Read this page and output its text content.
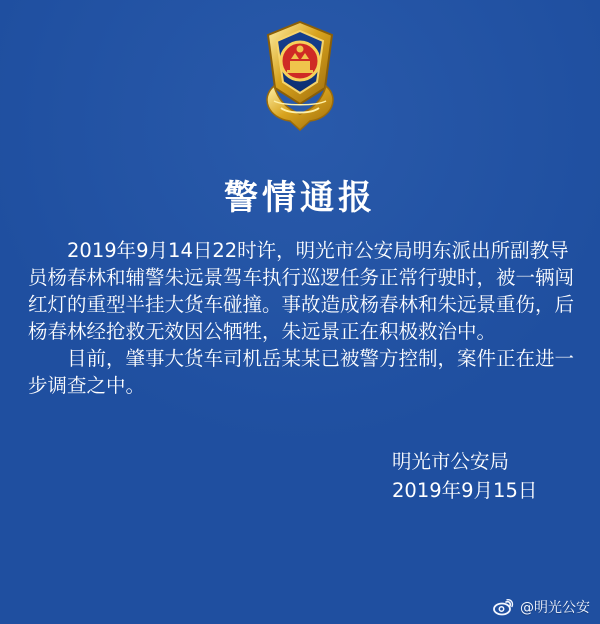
警情通报

2019年9月14日22时许，明光市公安局明东派出所副教导员杨春林和辅警朱远景驾车执行巡逻任务正常行驶时，被一辆闯红灯的重型半挂大货车碰撞。事故造成杨春林和朱远景重伤，后杨春林经抢救无效因公牺牲，朱远景正在积极救治中。

目前，肇事大货车司机岳某某已被警方控制，案件正在进一步调查之中。

明光市公安局
2019年9月15日
@明光公安
